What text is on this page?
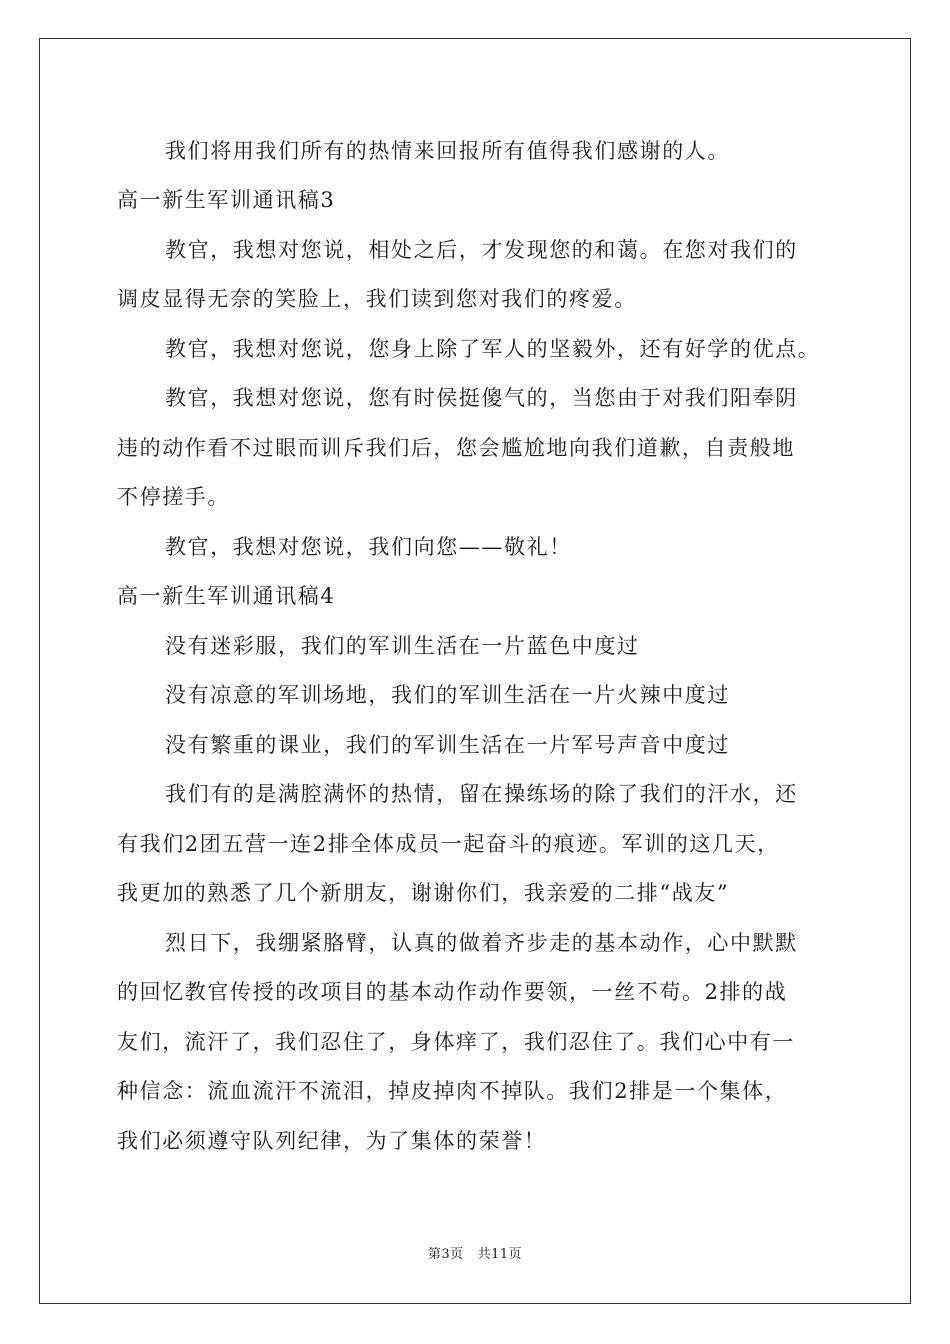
我们将用我们所有的热情来回报所有值得我们感谢的人。
高一新生军训通讯稿3
教官，我想对您说，相处之后，才发现您的和蔼。在您对我们的
调皮显得无奈的笑脸上，我们读到您对我们的疼爱。
教官，我想对您说，您身上除了军人的坚毅外，还有好学的优点。
教官，我想对您说，您有时侯挺傻气的，当您由于对我们阳奉阴
违的动作看不过眼而训斥我们后，您会尴尬地向我们道歉，自责般地
不停搓手。
教官，我想对您说，我们向您——敬礼！
高一新生军训通讯稿4
没有迷彩服，我们的军训生活在一片蓝色中度过
没有凉意的军训场地，我们的军训生活在一片火辣中度过
没有繁重的课业，我们的军训生活在一片军号声音中度过
我们有的是满腔满怀的热情，留在操练场的除了我们的汗水，还
有我们2团五营一连2排全体成员一起奋斗的痕迹。军训的这几天，
我更加的熟悉了几个新朋友，谢谢你们，我亲爱的二排“战友”
烈日下，我绷紧胳臂，认真的做着齐步走的基本动作，心中默默
的回忆教官传授的改项目的基本动作动作要领，一丝不苟。2排的战
友们，流汗了，我们忍住了，身体痒了，我们忍住了。我们心中有一
种信念：流血流汗不流泪，掉皮掉肉不掉队。我们2排是一个集体，
我们必须遵守队列纪律，为了集体的荣誉！
第3页 共11页
